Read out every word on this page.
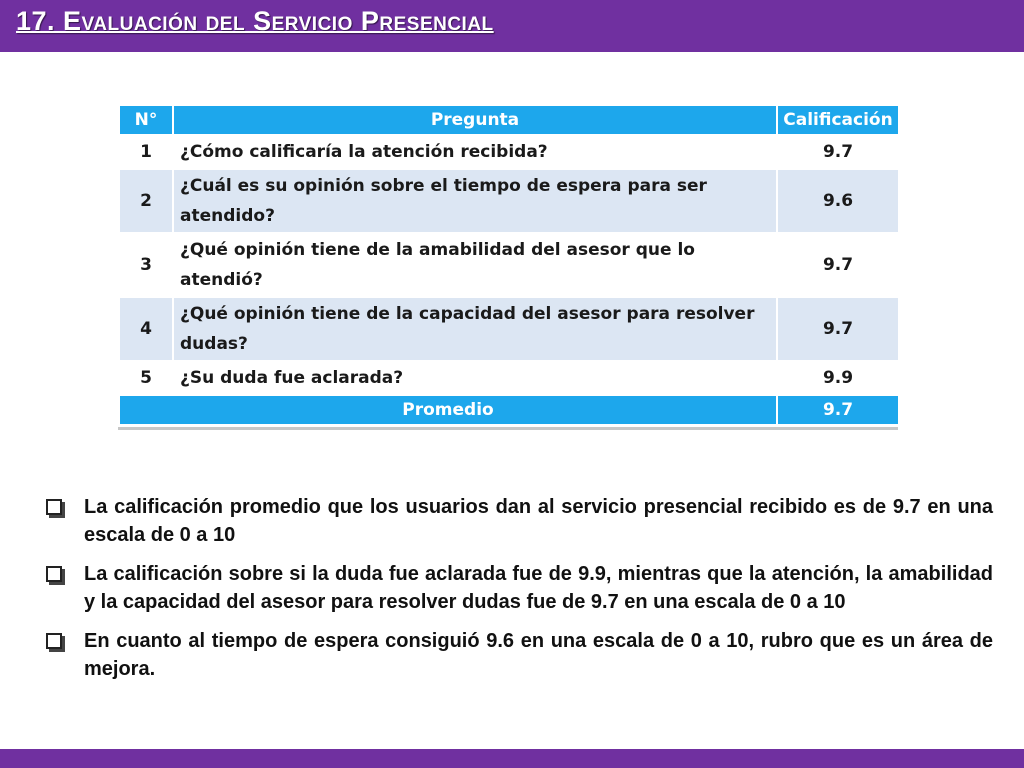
17. Evaluación del Servicio Presencial
N°	Pregunta	Calificación
1	¿Cómo calificaría la atención recibida?	9.7
2	¿Cuál es su opinión sobre el tiempo de espera para ser atendido?	9.6
3	¿Qué opinión tiene de la amabilidad del asesor que lo atendió?	9.7
4	¿Qué opinión tiene de la capacidad del asesor para resolver dudas?	9.7
5	¿Su duda fue aclarada?	9.9
Promedio		9.7
La calificación promedio que los usuarios dan al servicio presencial recibido es de 9.7 en una escala de 0 a 10
La calificación sobre si la duda fue aclarada fue de 9.9, mientras que la atención, la amabilidad y la capacidad del asesor para resolver dudas fue de 9.7 en una escala de 0 a 10
En cuanto al tiempo de espera consiguió 9.6 en una escala de 0 a 10, rubro que es un área de mejora.
